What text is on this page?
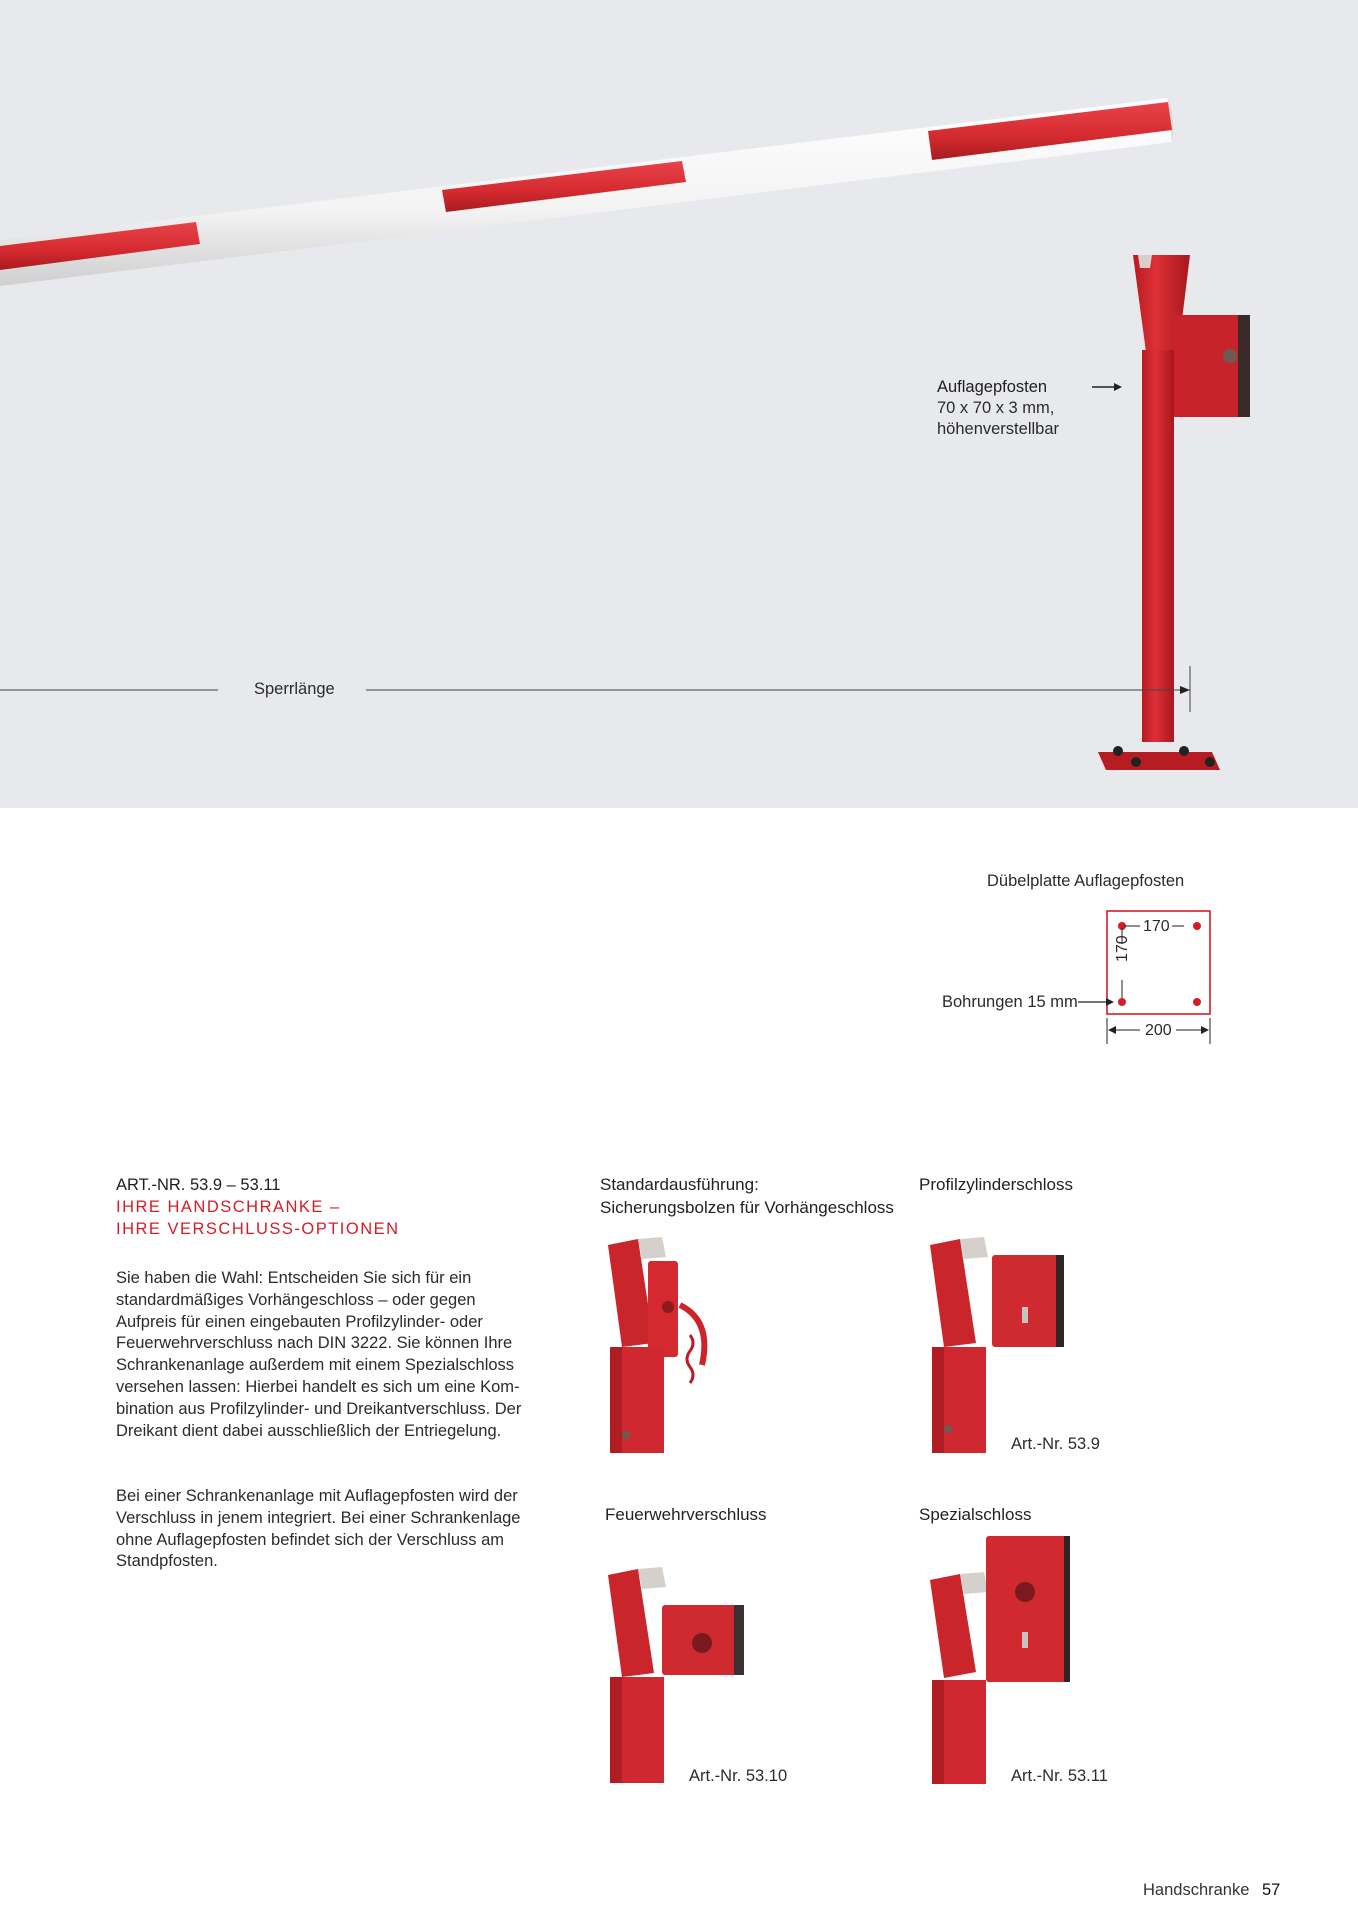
Auflagepfosten
70 x 70 x 3 mm,
höhenverstellbar
Sperrlänge
Dübelplatte Auflagepfosten
170
170
200
Bohrungen 15 mm
ART.-NR. 53.9 – 53.11
IHRE HANDSCHRANKE –
IHRE VERSCHLUSS-OPTIONEN
Sie haben die Wahl: Entscheiden Sie sich für ein
standardmäßiges Vorhängeschloss – oder gegen
Aufpreis für einen eingebauten Profilzylinder- oder
Feuerwehrverschluss nach DIN 3222. Sie können Ihre
Schrankenanlage außerdem mit einem Spezialschloss
versehen lassen: Hierbei handelt es sich um eine Kom-
bination aus Profilzylinder- und Dreikantverschluss. Der
Dreikant dient dabei ausschließlich der Entriegelung.
Bei einer Schrankenanlage mit Auflagepfosten wird der
Verschluss in jenem integriert. Bei einer Schrankenlage
ohne Auflagepfosten befindet sich der Verschluss am
Standpfosten.
Standardausführung:
Sicherungsbolzen für Vorhängeschloss
Profilzylinderschloss
Feuerwehrverschluss	Spezialschloss
Art.-Nr. 53.9
Art.-Nr. 53.10	Art.-Nr. 53.11
Handschranke 57
